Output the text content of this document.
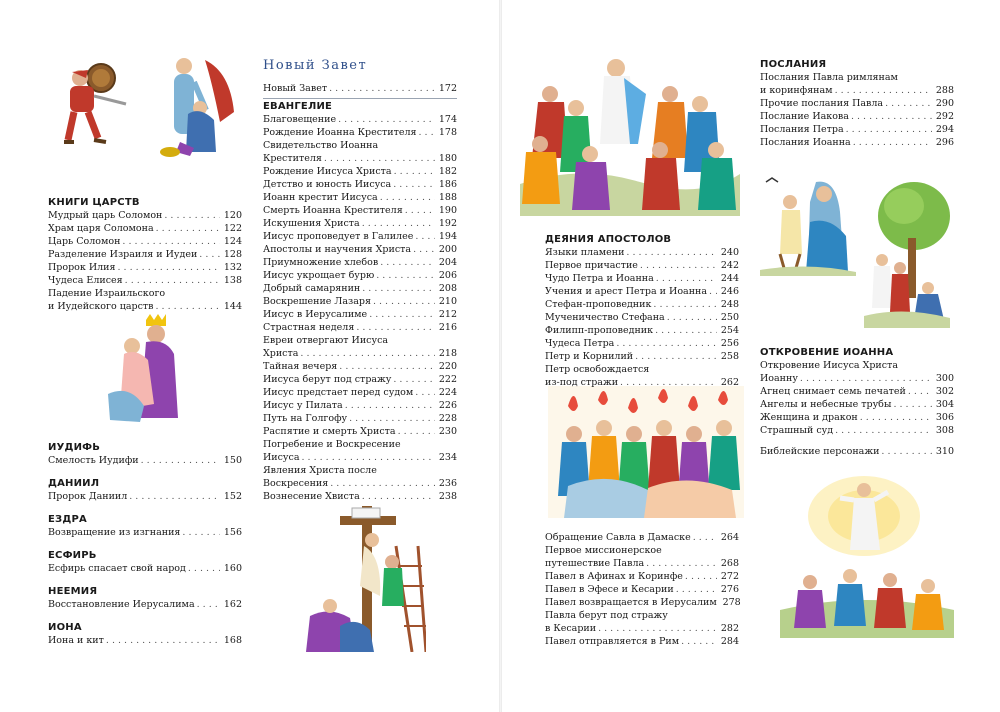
КНИГИ ЦАРСТВ
Мудрый царь Соломон . . .	120
Храм царя Соломона . . .	122
Царь Соломон . . .	124
Разделение Израиля и Иудеи . . .	128
Пророк Илия . . .	132
Чудеса Елисея . . .	138
Падение Израильского
и Иудейского царств . . .	144
ИУДИФЬ
Смелость Иудифи . . .	150
ДАНИИЛ
Пророк Даниил . . .	152
ЕЗДРА
Возвращение из изгнания . . .	156
ЕСФИРЬ
Есфирь спасает свой народ . . .	160
НЕЕМИЯ
Восстановление Иерусалима . . .	162
ИОНА
Иона и кит . . .	168
Новый Завет
Новый Завет . . .	172
ЕВАНГЕЛИЕ
Благовещение . . .	174
Рождение Иоанна Крестителя . . . 178
Свидетельство Иоанна
Крестителя . . .	180
Рождение Иисуса Христа . . .	182
Детство и юность Иисуса . . .	186
Иоанн крестит Иисуса . . .	188
Смерть Иоанна Крестителя . . .	190
Искушения Христа . . .	192
Иисус проповедует в Галилее . . .	194
Апостолы и научения Христа . . .	200
Приумножение хлебов . . .	204
Иисус укрощает бурю . . .	206
Добрый самарянин . . .	208
Воскрешение Лазаря . . .	210
Иисус в Иерусалиме . . .	212
Страстная неделя . . .	216
Евреи отвергают Иисуса
Христа . . .	218
Тайная вечеря . . .	220
Иисуса берут под стражу . . .	222
Иисус предстает перед судом . . .	224
Иисус у Пилата . . .	226
Путь на Голгофу . . .	228
Распятие и смерть Христа . . .	230
Погребение и Воскресение
Иисуса . . .	234
Явления Христа после
Воскресения . . .	236
Вознесение Хвиста . . .	238
ДЕЯНИЯ АПОСТОЛОВ
Языки пламени . . .	240
Первое причастие . . .	242
Чудо Петра и Иоанна . . .	244
Учения и арест Петра и Иоанна . . . 246
Стефан-проповедник . . .	248
Мученичество Стефана . . .	250
Филипп-проповедник . . .	254
Чудеса Петра . . .	256
Петр и Корнилий . . .	258
Петр освобождается
из-под стражи . . .	262
Обращение Савла в Дамаске . . .	264
Первое миссионерское
путешествие Павла . . .	268
Павел в Афинах и Коринфе . . .	272
Павел в Эфесе и Кесарии . . .	276
Павел возвращается в Иерусалим 278
Павла берут под стражу
в Кесарии . . .	282
Павел отправляется в Рим . . .	284
ПОСЛАНИЯ
Послания Павла римлянам
и коринфянам . . .	288
Прочие послания Павла . . .	290
Послание Иакова . . .	292
Послания Петра . . .	294
Послания Иоанна . . .	296
ОТКРОВЕНИЕ ИОАННА
Откровение Иисуса Христа
Иоанну . . .	300
Агнец снимает семь печатей . . .	302
Ангелы и небесные трубы . . .	304
Женщина и дракон . . .	306
Страшный суд . . .	308
Библейские персонажи . . .	310
